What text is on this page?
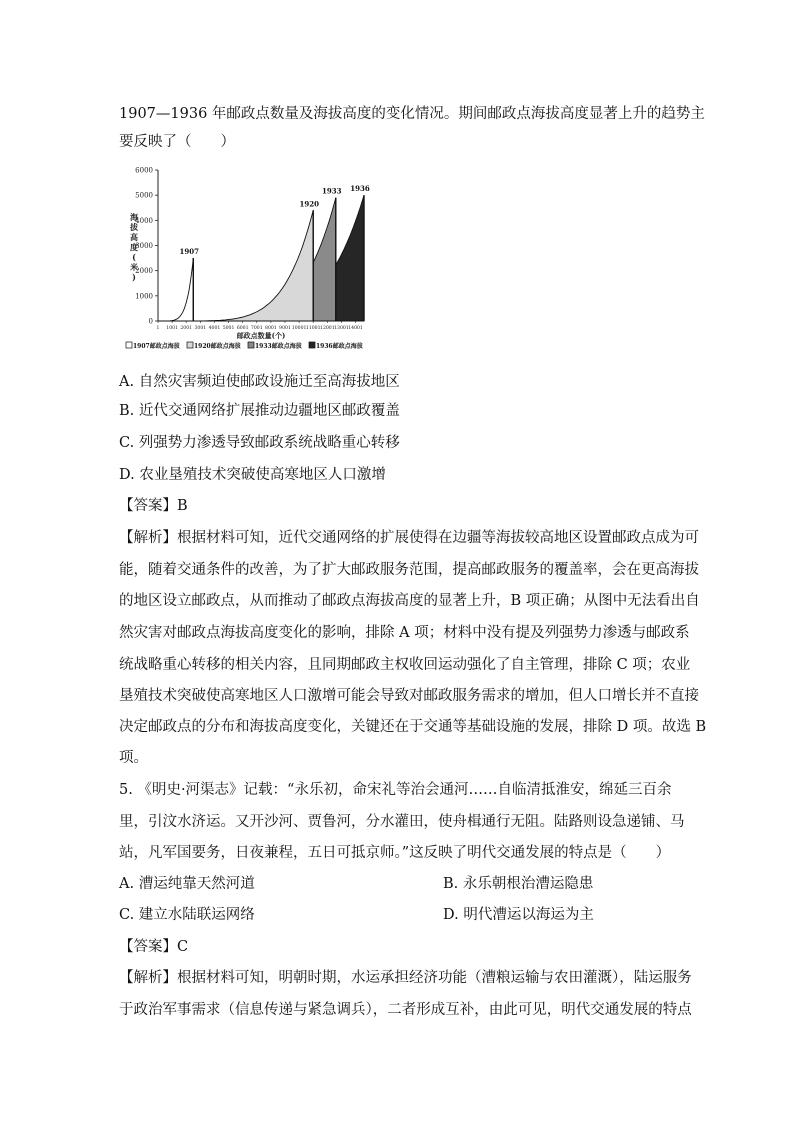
1907—1936 年邮政点数量及海拔高度的变化情况。期间邮政点海拔高度显著上升的趋势主
要反映了（　　）
6000
5000
4000
3000
2000
1000
0
海
拔
高
度
(
米
)
1 1001 2001 3001 4001 5001 6001 7001 8001 9001 10001 11001 12001 13001 14001
邮政点数量(个)
1936
1933
1920
1907
1907邮政点海拔 1920邮政点海拔 1933邮政点海拔 1936邮政点海拔
A. 自然灾害频迫使邮政设施迁至高海拔地区
B. 近代交通网络扩展推动边疆地区邮政覆盖
C. 列强势力渗透导致邮政系统战略重心转移
D. 农业垦殖技术突破使高寒地区人口激增
【答案】B
【解析】根据材料可知，近代交通网络的扩展使得在边疆等海拔较高地区设置邮政点成为可
能，随着交通条件的改善，为了扩大邮政服务范围，提高邮政服务的覆盖率，会在更高海拔
的地区设立邮政点，从而推动了邮政点海拔高度的显著上升，B 项正确；从图中无法看出自
然灾害对邮政点海拔高度变化的影响，排除 A 项；材料中没有提及列强势力渗透与邮政系
统战略重心转移的相关内容，且同期邮政主权收回运动强化了自主管理，排除 C 项；农业
垦殖技术突破使高寒地区人口激增可能会导致对邮政服务需求的增加，但人口增长并不直接
决定邮政点的分布和海拔高度变化，关键还在于交通等基础设施的发展，排除 D 项。故选 B
项。
5. 《明史·河渠志》记载：“永乐初，命宋礼等治会通河……自临清抵淮安，绵延三百余
里，引汶水济运。又开沙河、贾鲁河，分水灌田，使舟楫通行无阻。陆路则设急递铺、马
站，凡军国要务，日夜兼程，五日可抵京师。”这反映了明代交通发展的特点是（　　）
A. 漕运纯靠天然河道	B. 永乐朝根治漕运隐患
C. 建立水陆联运网络	D. 明代漕运以海运为主
【答案】C
【解析】根据材料可知，明朝时期，水运承担经济功能（漕粮运输与农田灌溉），陆运服务
于政治军事需求（信息传递与紧急调兵），二者形成互补，由此可见，明代交通发展的特点
